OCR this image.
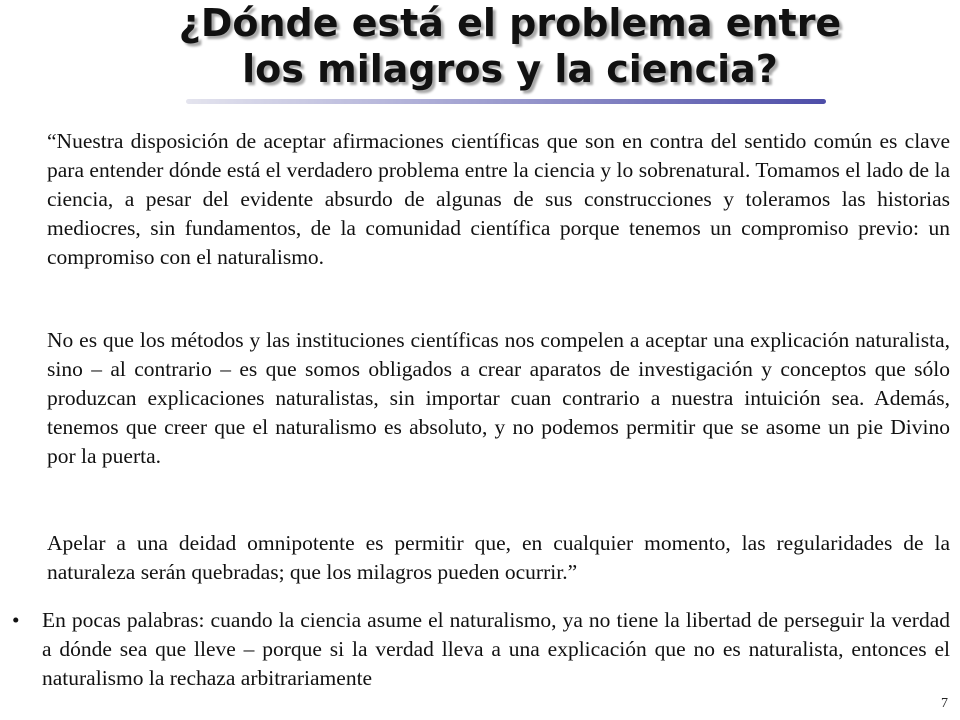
¿Dónde está el problema entre
los milagros y la ciencia?

“Nuestra disposición de aceptar afirmaciones científicas que son en contra del sentido común es clave para entender dónde está el verdadero problema entre la ciencia y lo sobrenatural. Tomamos el lado de la ciencia, a pesar del evidente absurdo de algunas de sus construcciones y toleramos las historias mediocres, sin fundamentos, de la comunidad científica porque tenemos un compromiso previo: un compromiso con el naturalismo.

No es que los métodos y las instituciones científicas nos compelen a aceptar una explicación naturalista, sino – al contrario – es que somos obligados a crear aparatos de investigación y conceptos que sólo produzcan explicaciones naturalistas, sin importar cuan contrario a nuestra intuición sea. Además, tenemos que creer que el naturalismo es absoluto, y no podemos permitir que se asome un pie Divino por la puerta.

Apelar a una deidad omnipotente es permitir que, en cualquier momento, las regularidades de la naturaleza serán quebradas; que los milagros pueden ocurrir.”

• En pocas palabras: cuando la ciencia asume el naturalismo, ya no tiene la libertad de perseguir la verdad a dónde sea que lleve – porque si la verdad lleva a una explicación que no es naturalista, entonces el naturalismo la rechaza arbitrariamente

7
